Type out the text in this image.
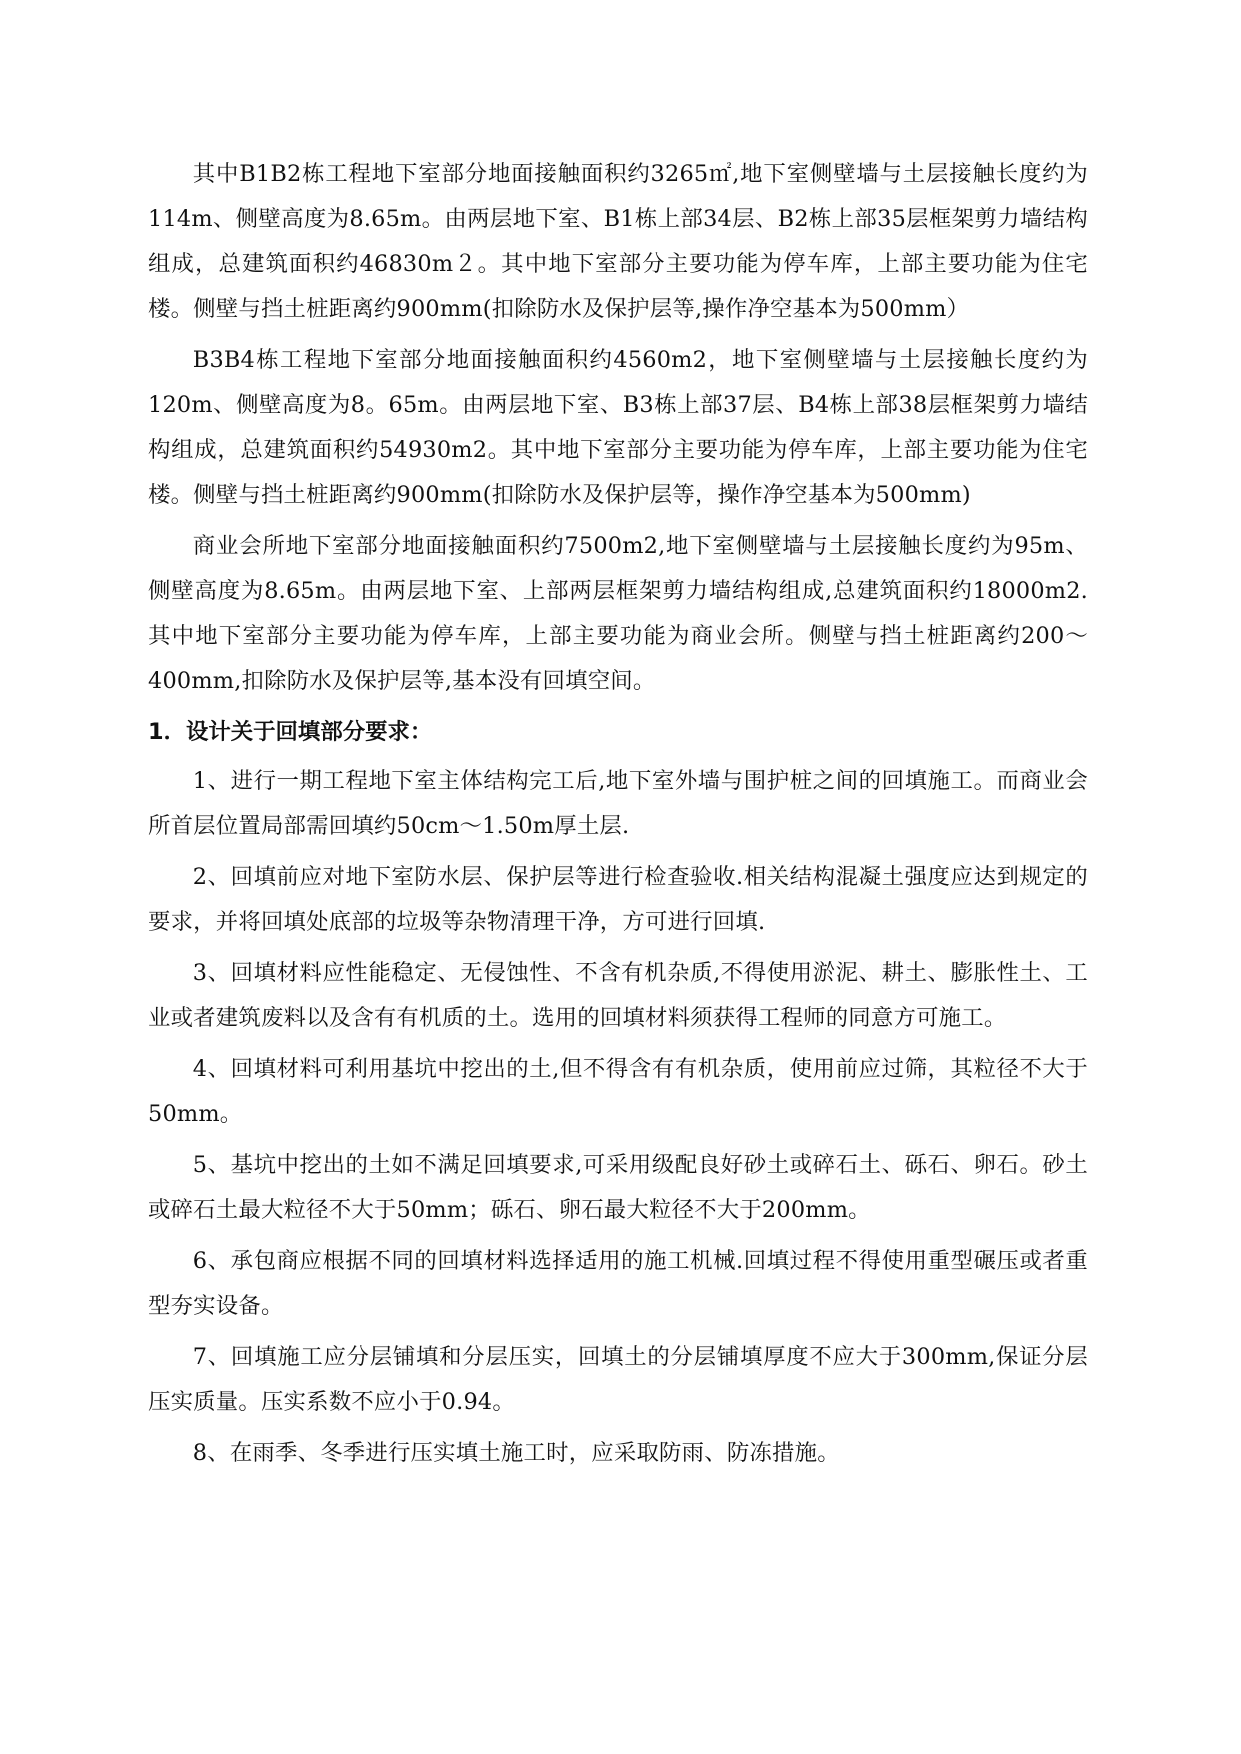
其中B1B2栋工程地下室部分地面接触面积约3265㎡,地下室侧壁墙与土层接触长度约为114m、侧壁高度为8.65m。由两层地下室、B1栋上部34层、B2栋上部35层框架剪力墙结构组成，总建筑面积约46830m２。其中地下室部分主要功能为停车库，上部主要功能为住宅楼。侧壁与挡土桩距离约900mm(扣除防水及保护层等,操作净空基本为500mm）

B3B4栋工程地下室部分地面接触面积约4560m2，地下室侧壁墙与土层接触长度约为120m、侧壁高度为8。65m。由两层地下室、B3栋上部37层、B4栋上部38层框架剪力墙结构组成，总建筑面积约54930m2。其中地下室部分主要功能为停车库，上部主要功能为住宅楼。侧壁与挡土桩距离约900mm(扣除防水及保护层等，操作净空基本为500mm)

商业会所地下室部分地面接触面积约7500m2,地下室侧壁墙与土层接触长度约为95m、侧壁高度为8.65m。由两层地下室、上部两层框架剪力墙结构组成,总建筑面积约18000m2.其中地下室部分主要功能为停车库，上部主要功能为商业会所。侧壁与挡土桩距离约200～400mm,扣除防水及保护层等,基本没有回填空间。

1．设计关于回填部分要求：

1、进行一期工程地下室主体结构完工后,地下室外墙与围护桩之间的回填施工。而商业会所首层位置局部需回填约50cm～1.50m厚土层.

2、回填前应对地下室防水层、保护层等进行检查验收.相关结构混凝土强度应达到规定的要求，并将回填处底部的垃圾等杂物清理干净，方可进行回填.

3、回填材料应性能稳定、无侵蚀性、不含有机杂质,不得使用淤泥、耕土、膨胀性土、工业或者建筑废料以及含有有机质的土。选用的回填材料须获得工程师的同意方可施工。

4、回填材料可利用基坑中挖出的土,但不得含有有机杂质，使用前应过筛，其粒径不大于50mm。

5、基坑中挖出的土如不满足回填要求,可采用级配良好砂土或碎石土、砾石、卵石。砂土或碎石土最大粒径不大于50mm；砾石、卵石最大粒径不大于200mm。

6、承包商应根据不同的回填材料选择适用的施工机械.回填过程不得使用重型碾压或者重型夯实设备。

7、回填施工应分层铺填和分层压实，回填土的分层铺填厚度不应大于300mm,保证分层压实质量。压实系数不应小于0.94。

8、在雨季、冬季进行压实填土施工时，应采取防雨、防冻措施。
